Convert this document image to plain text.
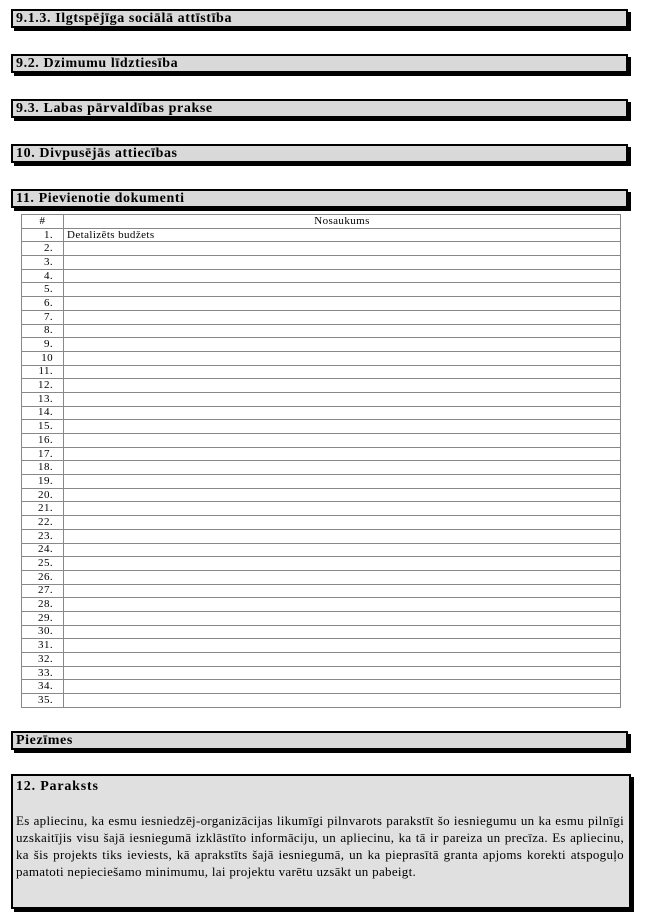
9.1.3. Ilgtspējīga sociālā attīstība
9.2. Dzimumu līdztiesība
9.3. Labas pārvaldības prakse
10. Divpusējās attiecības
11. Pievienotie dokumenti
#	Nosaukums
1.	Detalizēts budžets
2.	
3.	
4.	
5.	
6.	
7.	
8.	
9.	
10	
11.	
12.	
13.	
14.	
15.	
16.	
17.	
18.	
19.	
20.	
21.	
22.	
23.	
24.	
25.	
26.	
27.	
28.	
29.	
30.	
31.	
32.	
33.	
34.	
35.	
Piezīmes
12. Paraksts
Es apliecinu, ka esmu iesniedzēj-organizācijas likumīgi pilnvarots parakstīt šo iesniegumu un ka esmu pilnīgi uzskaitījis visu šajā iesniegumā izklāstīto informāciju, un apliecinu, ka tā ir pareiza un precīza. Es apliecinu, ka šis projekts tiks ieviests, kā aprakstīts šajā iesniegumā, un ka pieprasītā granta apjoms korekti atspoguļo pamatoti nepieciešamo minimumu, lai projektu varētu uzsākt un pabeigt.
